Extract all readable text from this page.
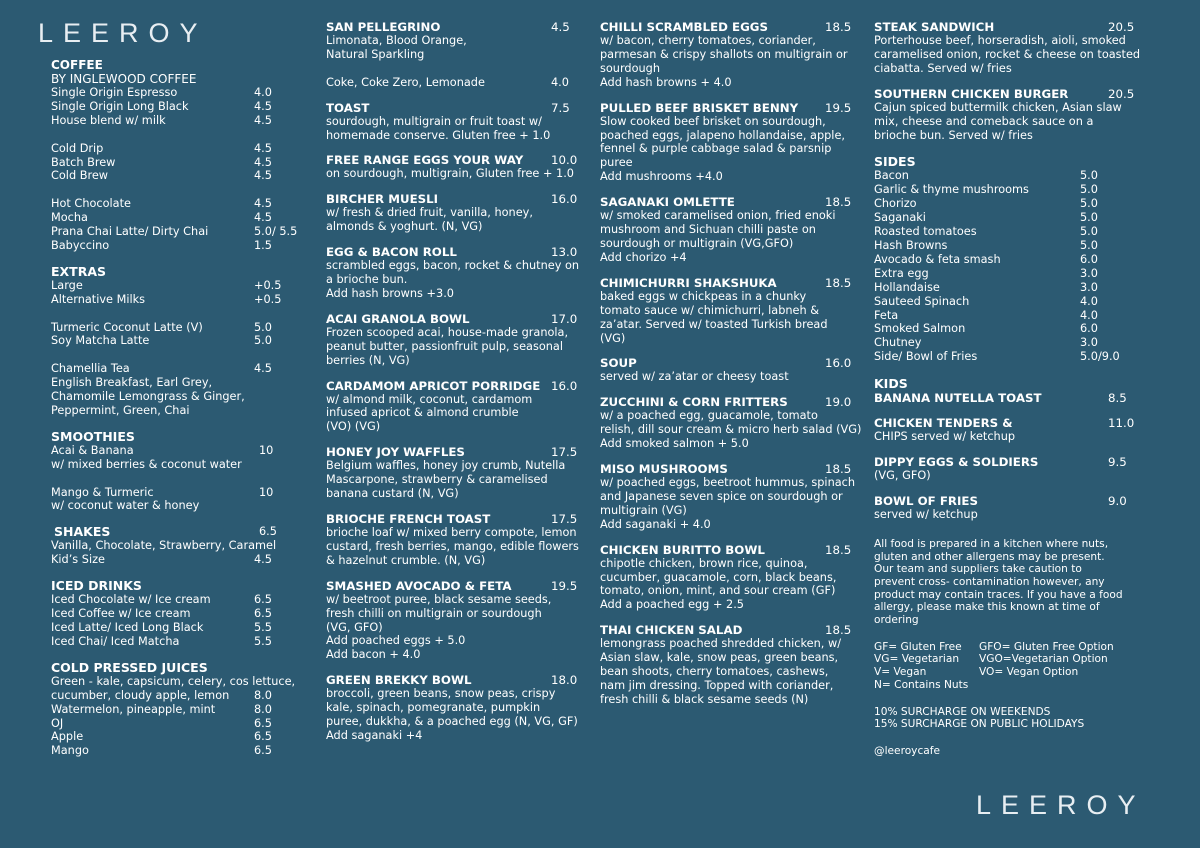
LEEROY
LEEROY
COFFEE
BY INGLEWOOD COFFEE
Single Origin Espresso	4.0
Single Origin Long Black	4.5
House blend w/ milk	4.5
Cold Drip	4.5
Batch Brew	4.5
Cold Brew	4.5
Hot Chocolate	4.5
Mocha	4.5
Prana Chai Latte/ Dirty Chai	5.0/ 5.5
Babyccino	1.5
EXTRAS
Large	+0.5
Alternative Milks	+0.5
Turmeric Coconut Latte (V)	5.0
Soy Matcha Latte	5.0
Chamellia Tea	4.5
English Breakfast, Earl Grey,
Chamomile Lemongrass & Ginger,
Peppermint, Green, Chai
SMOOTHIES
Acai & Banana	10
w/ mixed berries & coconut water
Mango & Turmeric	10
w/ coconut water & honey
SHAKES	6.5
Vanilla, Chocolate, Strawberry, Caramel
Kid’s Size	4.5
ICED DRINKS
Iced Chocolate w/ Ice cream	6.5
Iced Coffee w/ Ice cream	6.5
Iced Latte/ Iced Long Black	5.5
Iced Chai/ Iced Matcha	5.5
COLD PRESSED JUICES
Green - kale, capsicum, celery, cos lettuce,
cucumber, cloudy apple, lemon 8.0
Watermelon, pineapple, mint	8.0
OJ	6.5
Apple	6.5
Mango	6.5
SAN PELLEGRINO	4.5
Limonata, Blood Orange,
Natural Sparkling
Coke, Coke Zero, Lemonade	4.0
TOAST	7.5
sourdough, multigrain or fruit toast w/
homemade conserve. Gluten free + 1.0
FREE RANGE EGGS YOUR WAY 10.0
on sourdough, multigrain, Gluten free + 1.0
BIRCHER MUESLI	16.0
w/ fresh & dried fruit, vanilla, honey,
almonds & yoghurt. (N, VG)
EGG & BACON ROLL	13.0
scrambled eggs, bacon, rocket & chutney on
a brioche bun.
Add hash browns +3.0
ACAI GRANOLA BOWL	17.0
Frozen scooped acai, house-made granola,
peanut butter, passionfruit pulp, seasonal
berries (N, VG)
CARDAMOM APRICOT PORRIDGE 16.0
w/ almond milk, coconut, cardamom
infused apricot & almond crumble
(VO) (VG)
HONEY JOY WAFFLES	17.5
Belgium waffles, honey joy crumb, Nutella
Mascarpone, strawberry & caramelised
banana custard (N, VG)
BRIOCHE FRENCH TOAST	17.5
brioche loaf w/ mixed berry compote, lemon
custard, fresh berries, mango, edible flowers
& hazelnut crumble. (N, VG)
SMASHED AVOCADO & FETA	19.5
w/ beetroot puree, black sesame seeds,
fresh chilli on multigrain or sourdough
(VG, GFO)
Add poached eggs + 5.0
Add bacon + 4.0
GREEN BREKKY BOWL	18.0
broccoli, green beans, snow peas, crispy
kale, spinach, pomegranate, pumpkin
puree, dukkha, & a poached egg (N, VG, GF)
Add saganaki +4
CHILLI SCRAMBLED EGGS	18.5
w/ bacon, cherry tomatoes, coriander,
parmesan & crispy shallots on multigrain or
sourdough
Add hash browns + 4.0
PULLED BEEF BRISKET BENNY 19.5
Slow cooked beef brisket on sourdough,
poached eggs, jalapeno hollandaise, apple,
fennel & purple cabbage salad & parsnip
puree
Add mushrooms +4.0
SAGANAKI OMLETTE	18.5
w/ smoked caramelised onion, fried enoki
mushroom and Sichuan chilli paste on
sourdough or multigrain (VG,GFO)
Add chorizo +4
CHIMICHURRI SHAKSHUKA	18.5
baked eggs w chickpeas in a chunky
tomato sauce w/ chimichurri, labneh &
za’atar. Served w/ toasted Turkish bread
(VG)
SOUP	16.0
served w/ za’atar or cheesy toast
ZUCCHINI & CORN FRITTERS	19.0
w/ a poached egg, guacamole, tomato
relish, dill sour cream & micro herb salad (VG)
Add smoked salmon + 5.0
MISO MUSHROOMS	18.5
w/ poached eggs, beetroot hummus, spinach
and Japanese seven spice on sourdough or
multigrain (VG)
Add saganaki + 4.0
CHICKEN BURITTO BOWL	18.5
chipotle chicken, brown rice, quinoa,
cucumber, guacamole, corn, black beans,
tomato, onion, mint, and sour cream (GF)
Add a poached egg + 2.5
THAI CHICKEN SALAD	18.5
lemongrass poached shredded chicken, w/
Asian slaw, kale, snow peas, green beans,
bean shoots, cherry tomatoes, cashews,
nam jim dressing. Topped with coriander,
fresh chilli & black sesame seeds (N)
STEAK SANDWICH	20.5
Porterhouse beef, horseradish, aioli, smoked
caramelised onion, rocket & cheese on toasted
ciabatta. Served w/ fries
SOUTHERN CHICKEN BURGER	20.5
Cajun spiced buttermilk chicken, Asian slaw
mix, cheese and comeback sauce on a
brioche bun. Served w/ fries
SIDES
Bacon	5.0
Garlic & thyme mushrooms	5.0
Chorizo	5.0
Saganaki	5.0
Roasted tomatoes	5.0
Hash Browns	5.0
Avocado & feta smash	6.0
Extra egg	3.0
Hollandaise	3.0
Sauteed Spinach	4.0
Feta	4.0
Smoked Salmon	6.0
Chutney	3.0
Side/ Bowl of Fries	5.0/9.0
KIDS
BANANA NUTELLA TOAST	8.5
CHICKEN TENDERS &	11.0
CHIPS served w/ ketchup
DIPPY EGGS & SOLDIERS	9.5
(VG, GFO)
BOWL OF FRIES	9.0
served w/ ketchup
All food is prepared in a kitchen where nuts,
gluten and other allergens may be present.
Our team and suppliers take caution to
prevent cross- contamination however, any
product may contain traces. If you have a food
allergy, please make this known at time of
ordering
GF= Gluten Free GFO= Gluten Free Option
VG= Vegetarian VGO=Vegetarian Option
V= Vegan	VO= Vegan Option
N= Contains Nuts
10% SURCHARGE ON WEEKENDS
15% SURCHARGE ON PUBLIC HOLIDAYS
@leeroycafe
